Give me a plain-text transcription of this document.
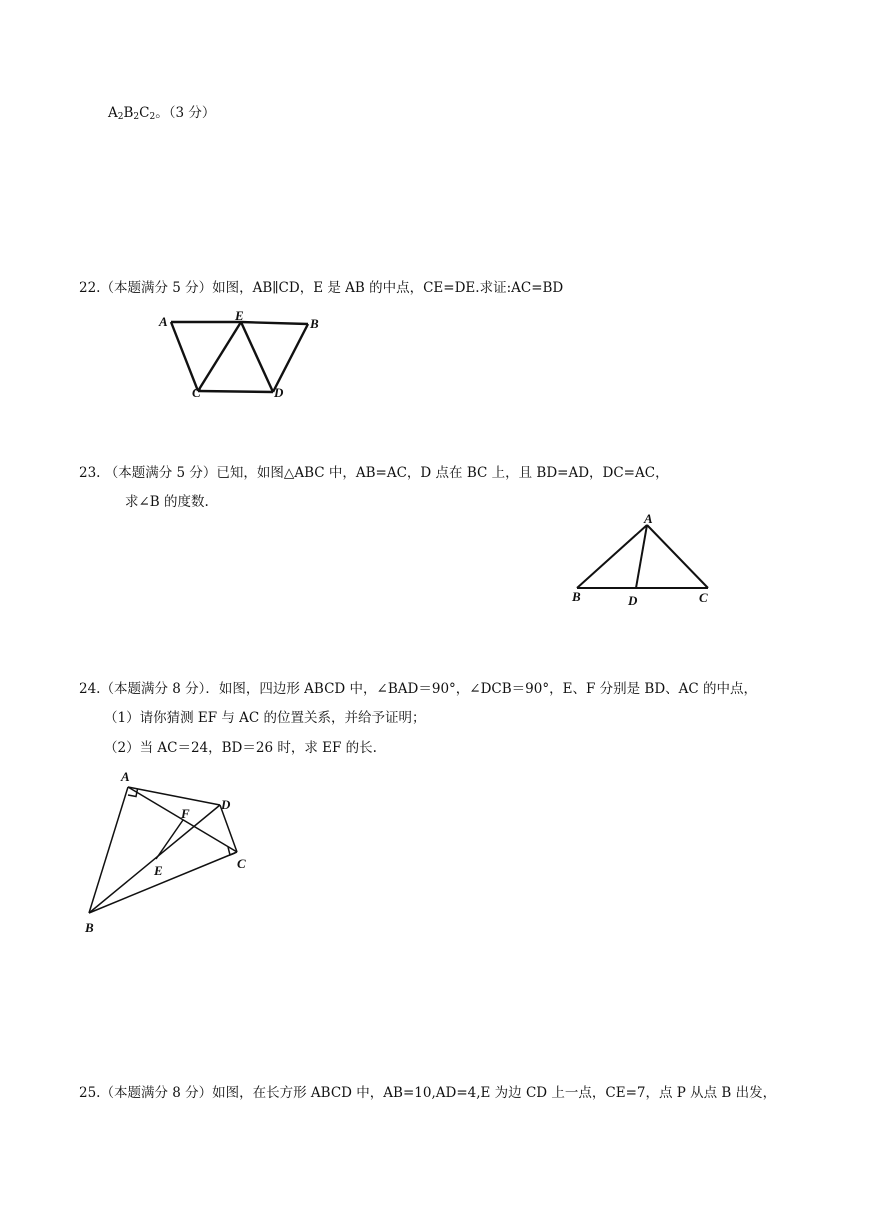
$A_2B_2C_2$。（3 分）
22.（本题满分 5 分）如图，AB∥CD，E 是 AB 的中点，CE=DE.求证:AC=BD
A	E
B
C	D
23. （本题满分 5 分）已知，如图△ABC 中，AB=AC，D 点在 BC 上，且 BD=AD，DC=AC，
求∠B 的度数.
A
B	D	C
24.（本题满分 8 分）．如图，四边形 ABCD 中，∠BAD＝90°，∠DCB＝90°，E、F 分别是 BD、AC 的中点，
（1）请你猜测 EF 与 AC 的位置关系，并给予证明；
（2）当 AC＝24，BD＝26 时，求 EF 的长.
A
D
F
E	C
B
25.（本题满分 8 分）如图，在长方形 ABCD 中，AB=10,AD=4,E 为边 CD 上一点，CE=7，点 P 从点 B 出发，
